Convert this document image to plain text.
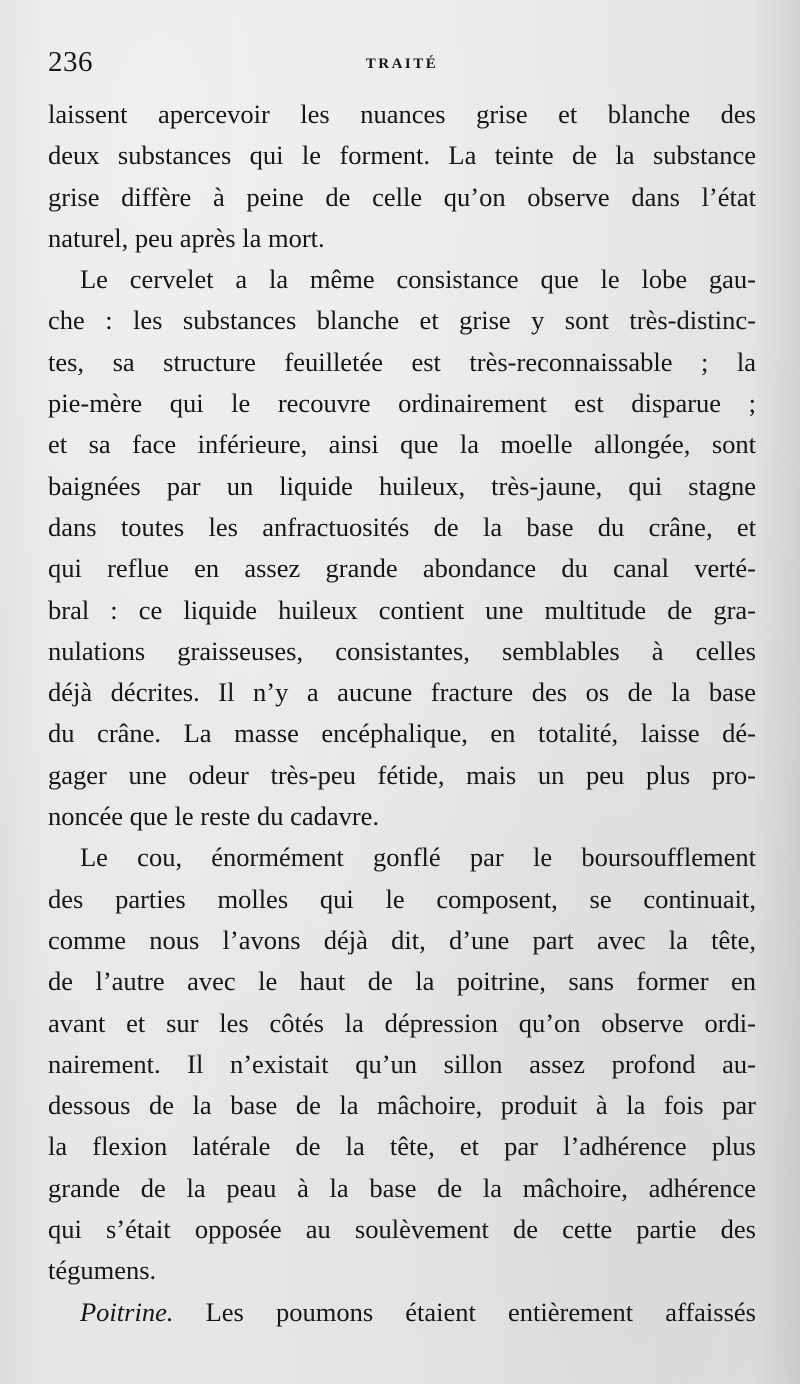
236	TRAITÉ

laissent apercevoir les nuances grise et blanche des
deux substances qui le forment. La teinte de la substance
grise diffère à peine de celle qu’on observe dans l’état
naturel, peu après la mort.

Le cervelet a la même consistance que le lobe gau-
che : les substances blanche et grise y sont très-distinc-
tes, sa structure feuilletée est très-reconnaissable ; la
pie-mère qui le recouvre ordinairement est disparue ;
et sa face inférieure, ainsi que la moelle allongée, sont
baignées par un liquide huileux, très-jaune, qui stagne
dans toutes les anfractuosités de la base du crâne, et
qui reflue en assez grande abondance du canal verté-
bral : ce liquide huileux contient une multitude de gra-
nulations graisseuses, consistantes, semblables à celles
déjà décrites. Il n’y a aucune fracture des os de la base
du crâne. La masse encéphalique, en totalité, laisse dé-
gager une odeur très-peu fétide, mais un peu plus pro-
noncée que le reste du cadavre.

Le cou, énormément gonflé par le boursoufflement
des parties molles qui le composent, se continuait,
comme nous l’avons déjà dit, d’une part avec la tête,
de l’autre avec le haut de la poitrine, sans former en
avant et sur les côtés la dépression qu’on observe ordi-
nairement. Il n’existait qu’un sillon assez profond au-
dessous de la base de la mâchoire, produit à la fois par
la flexion latérale de la tête, et par l’adhérence plus
grande de la peau à la base de la mâchoire, adhérence
qui s’était opposée au soulèvement de cette partie des
tégumens.

Poitrine. Les poumons étaient entièrement affaissés
